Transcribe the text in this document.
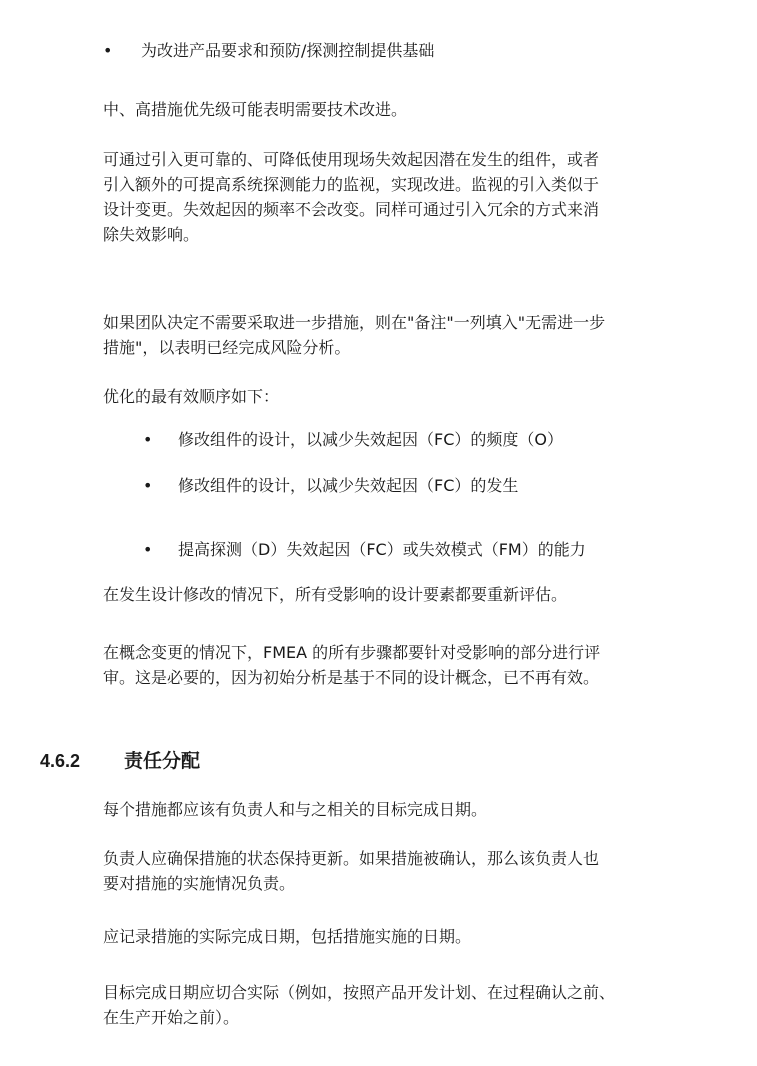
• 为改进产品要求和预防/探测控制提供基础
中、高措施优先级可能表明需要技术改进。
可通过引入更可靠的、可降低使用现场失效起因潜在发生的组件，或者
引入额外的可提高系统探测能力的监视，实现改进。监视的引入类似于
设计变更。失效起因的频率不会改变。同样可通过引入冗余的方式来消
除失效影响。
如果团队决定不需要采取进一步措施，则在"备注"一列填入"无需进一步
措施"，以表明已经完成风险分析。
优化的最有效顺序如下：
• 修改组件的设计，以减少失效起因（FC）的频度（O）
• 修改组件的设计，以减少失效起因（FC）的发生
• 提高探测（D）失效起因（FC）或失效模式（FM）的能力
在发生设计修改的情况下，所有受影响的设计要素都要重新评估。
在概念变更的情况下，FMEA 的所有步骤都要针对受影响的部分进行评
审。这是必要的，因为初始分析是基于不同的设计概念，已不再有效。
4.6.2 责任分配
每个措施都应该有负责人和与之相关的目标完成日期。
负责人应确保措施的状态保持更新。如果措施被确认，那么该负责人也
要对措施的实施情况负责。
应记录措施的实际完成日期，包括措施实施的日期。
目标完成日期应切合实际（例如，按照产品开发计划、在过程确认之前、
在生产开始之前）。
